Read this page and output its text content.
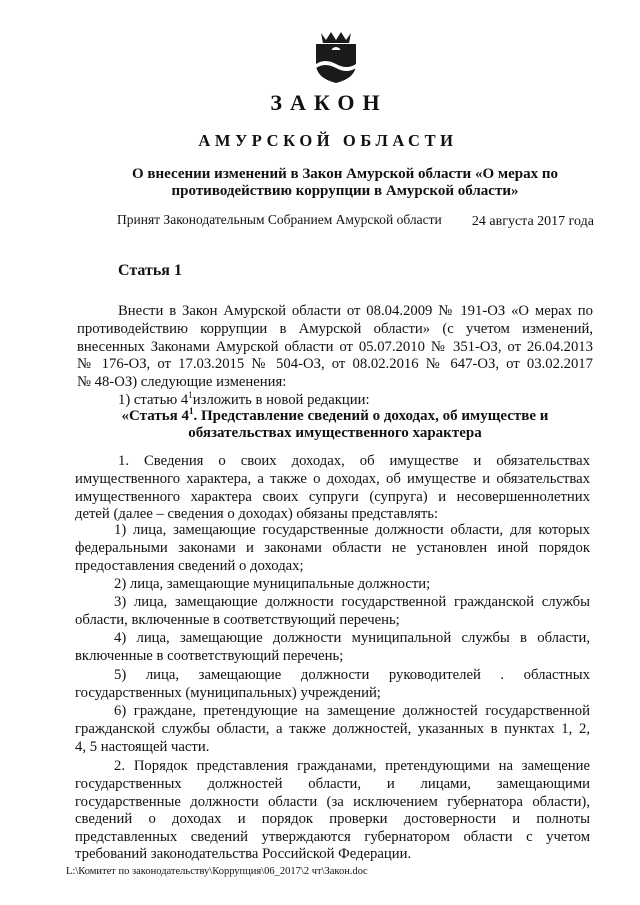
ЗАКОН
АМУРСКОЙ ОБЛАСТИ
О внесении изменений в Закон Амурской области «О мерах по
противодействию коррупции в Амурской области»
Принят Законодательным Собранием Амурской области 24 августа 2017 года
Статья 1
Внести в Закон Амурской области от 08.04.2009 № 191-ОЗ «О мерах по
противодействию коррупции в Амурской области» (с учетом изменений,
внесенных Законами Амурской области от 05.07.2010 № 351-ОЗ, от 26.04.2013
№ 176-ОЗ, от 17.03.2015 № 504-ОЗ, от 08.02.2016 № 647-ОЗ, от 03.02.2017
№ 48-ОЗ) следующие изменения:
1) статью $4^1изложить$ в новой редакции:
«Статья $4^1$. Представление сведений о доходах, об имуществе и
обязательствах имущественного характера
1. Сведения о своих доходах, об имуществе и обязательствах
имущественного характера, а также о доходах, об имуществе и обязательствах
имущественного характера своих супруги (супруга) и несовершеннолетних
детей (далее – сведения о доходах) обязаны представлять:
1) лица, замещающие государственные должности области, для которых
федеральными законами и законами области не установлен иной порядок
предоставления сведений о доходах;
2) лица, замещающие муниципальные должности;
3) лица, замещающие должности государственной гражданской службы
области, включенные в соответствующий перечень;
4) лица, замещающие должности муниципальной службы в области,
включенные в соответствующий перечень;
5) лица, замещающие должности руководителей . областных
государственных (муниципальных) учреждений;
6) граждане, претендующие на замещение должностей государственной
гражданской службы области, а также должностей, указанных в пунктах 1, 2,
4, 5 настоящей части.
2. Порядок представления гражданами, претендующими на замещение
государственных должностей области, и лицами, замещающими
государственные должности области (за исключением губернатора области),
сведений о доходах и порядок проверки достоверности и полноты
представленных сведений утверждаются губернатором области с учетом
требований законодательства Российской Федерации.
L:\Комитет по законодательству\Коррупция\06_2017\2 чт\Закон.doc
